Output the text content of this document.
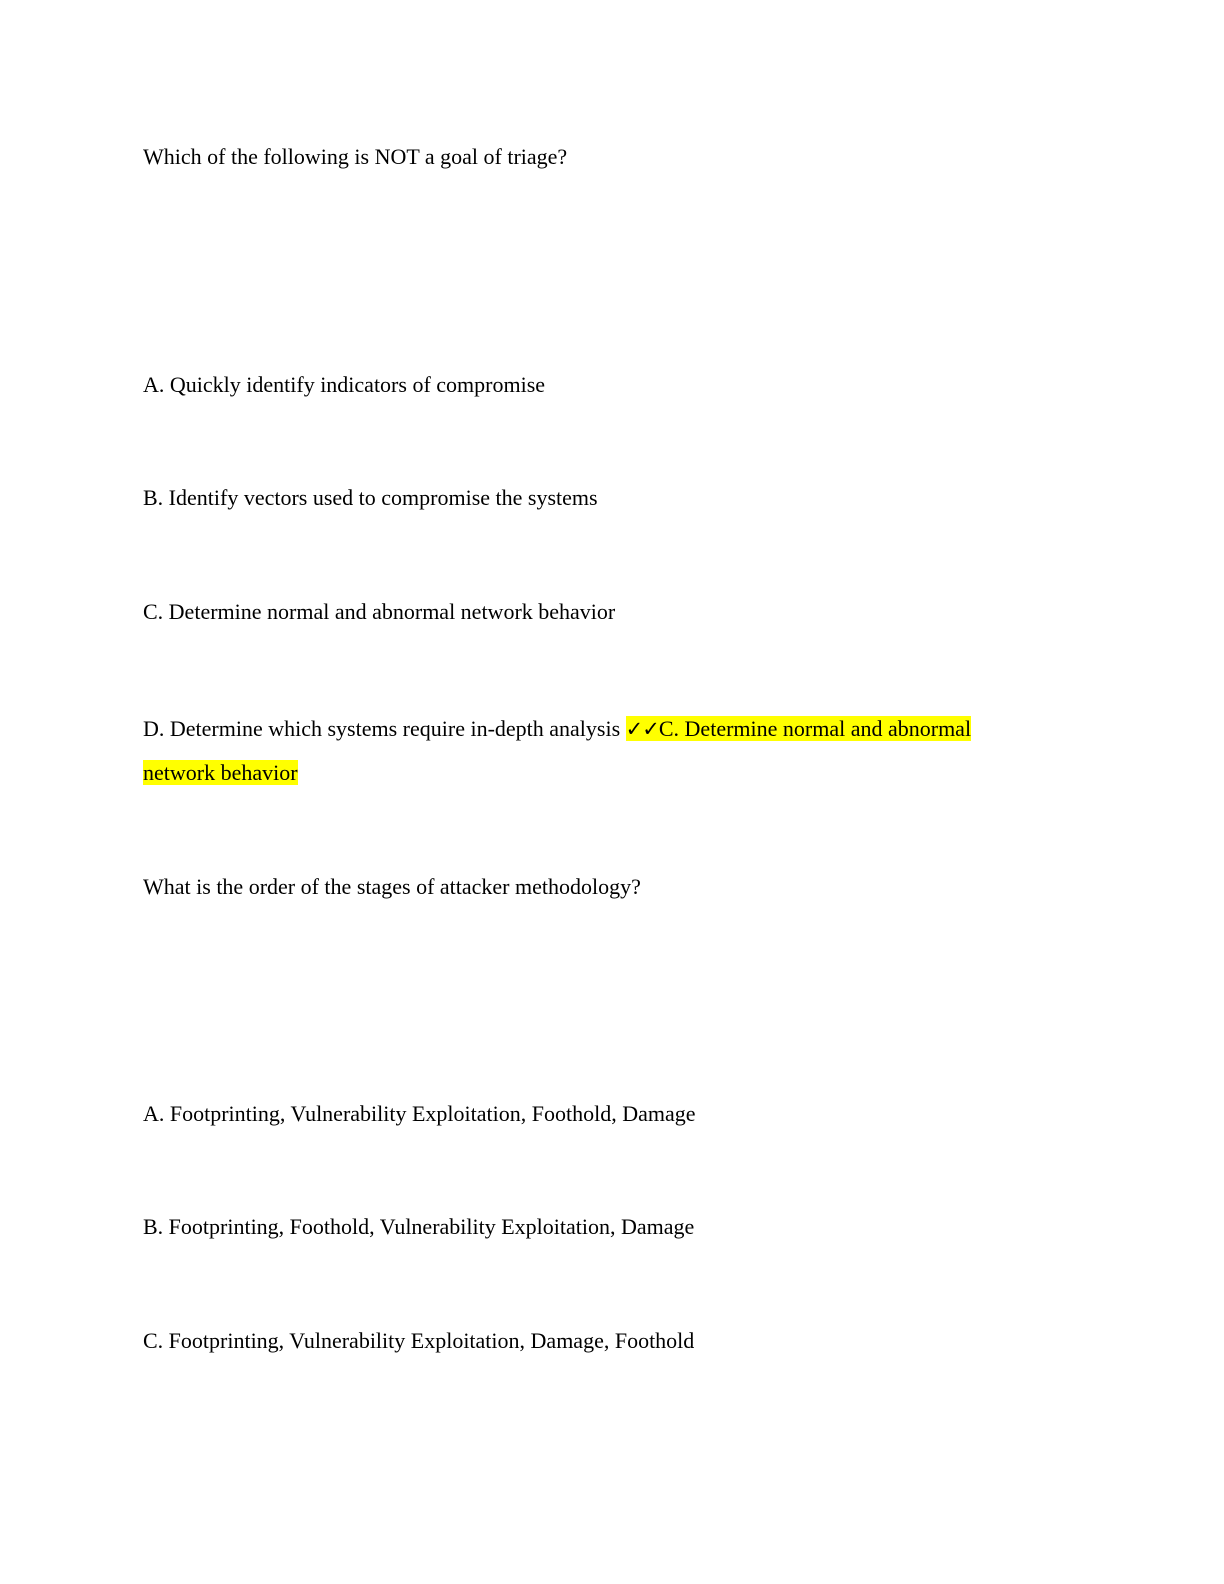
Which of the following is NOT a goal of triage?
A. Quickly identify indicators of compromise
B. Identify vectors used to compromise the systems
C. Determine normal and abnormal network behavior
D. Determine which systems require in-depth analysis ✓✓C. Determine normal and abnormal
network behavior
What is the order of the stages of attacker methodology?
A. Footprinting, Vulnerability Exploitation, Foothold, Damage
B. Footprinting, Foothold, Vulnerability Exploitation, Damage
C. Footprinting, Vulnerability Exploitation, Damage, Foothold
